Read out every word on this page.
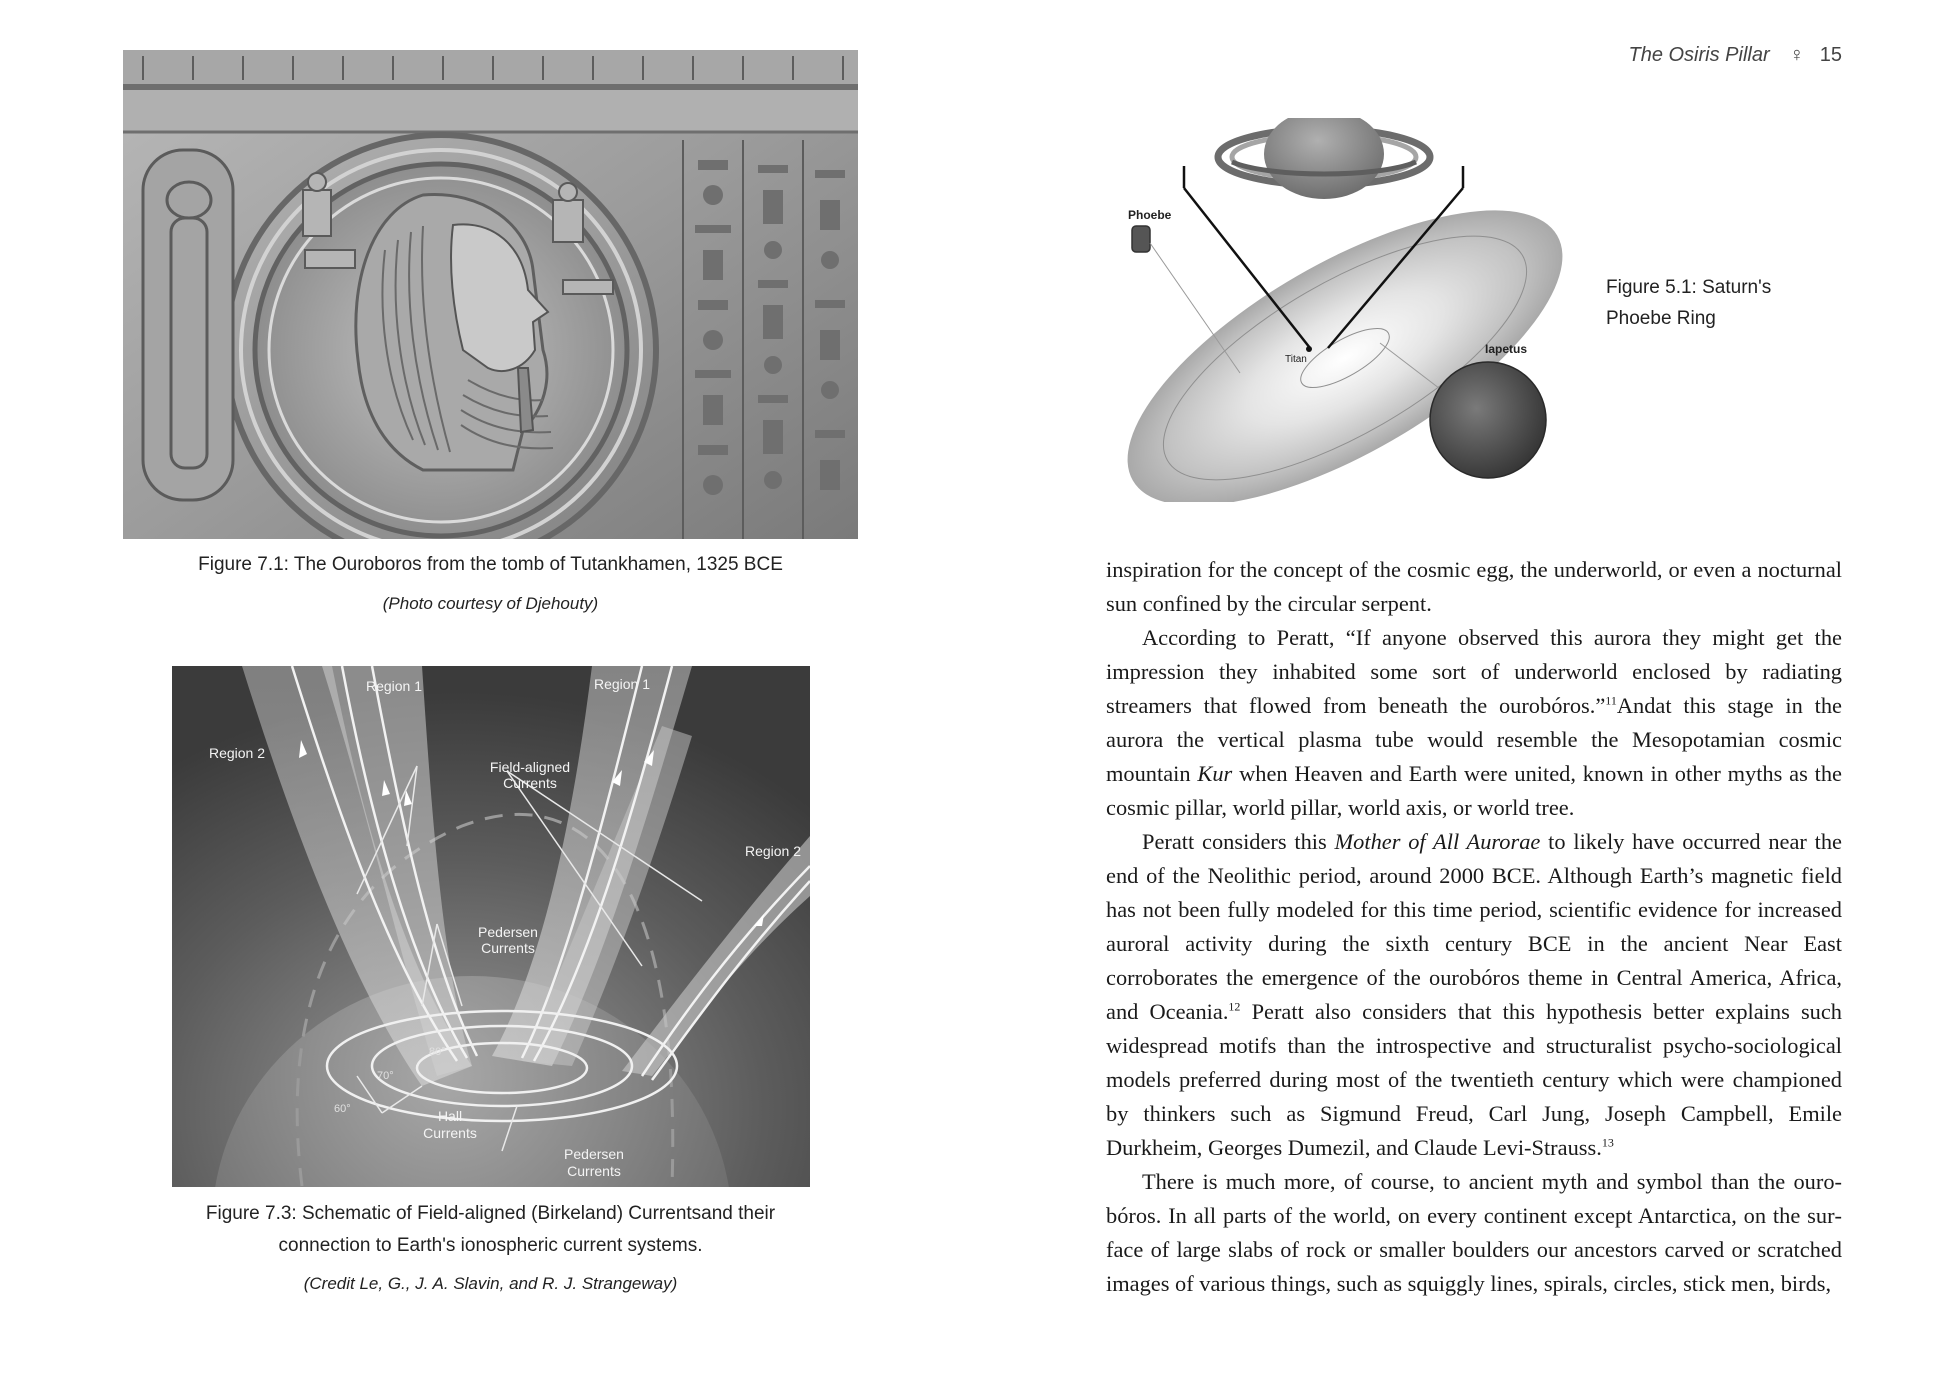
Figure 7.1: The Ouroboros from the tomb of Tutankhamen, 1325 BCE
(Photo courtesy of Djehouty)
Region 1	Region 1
Region 2
Region 2
Field-aligned
Currents
Pedersen
Currents
Hall
Currents
Pedersen
Currents
80°
70°
60°
Figure 7.3: Schematic of Field-aligned (Birkeland) Currentsand their
connection to Earth's ionospheric current systems.
(Credit Le, G., J. A. Slavin, and R. J. Strangeway)
The Osiris Pillar ♀ 15
Phoebe
Titan
Iapetus
Figure 5.1: Saturn's
Phoebe Ring

inspiration for the concept of the cosmic egg, the underworld, or even a nocturnal sun confined by the circular serpent.

According to Peratt, “If anyone observed this aurora they might get the impression they inhabited some sort of underworld enclosed by radiating streamers that flowed from beneath the ourobóros.”$^{11}$Andat this stage in the aurora the vertical plasma tube would resemble the Mesopotamian cosmic mountain Kur when Heaven and Earth were united, known in other myths as the cosmic pillar, world pillar, world axis, or world tree.

Peratt considers this Mother of All Aurorae to likely have occurred near the end of the Neolithic period, around 2000 BCE. Although Earth’s magnetic field has not been fully modeled for this time period, scientific evidence for increased auroral activity during the sixth century BCE in the ancient Near East corroborates the emergence of the ourobóros theme in Central America, Africa, and Oceania.$^{12}$ Peratt also considers that this hypothesis better explains such widespread motifs than the introspective and structuralist psycho-sociological models preferred during most of the twentieth century which were championed by thinkers such as Sigmund Freud, Carl Jung, Joseph Campbell, Emile Durkheim, Georges Dumezil, and Claude Levi-Strauss.$^{13}$

There is much more, of course, to ancient myth and symbol than the ourobóros. In all parts of the world, on every continent except Antarctica, on the surface of large slabs of rock or smaller boulders our ancestors carved or scratched images of various things, such as squiggly lines, spirals, circles, stick men, birds,
